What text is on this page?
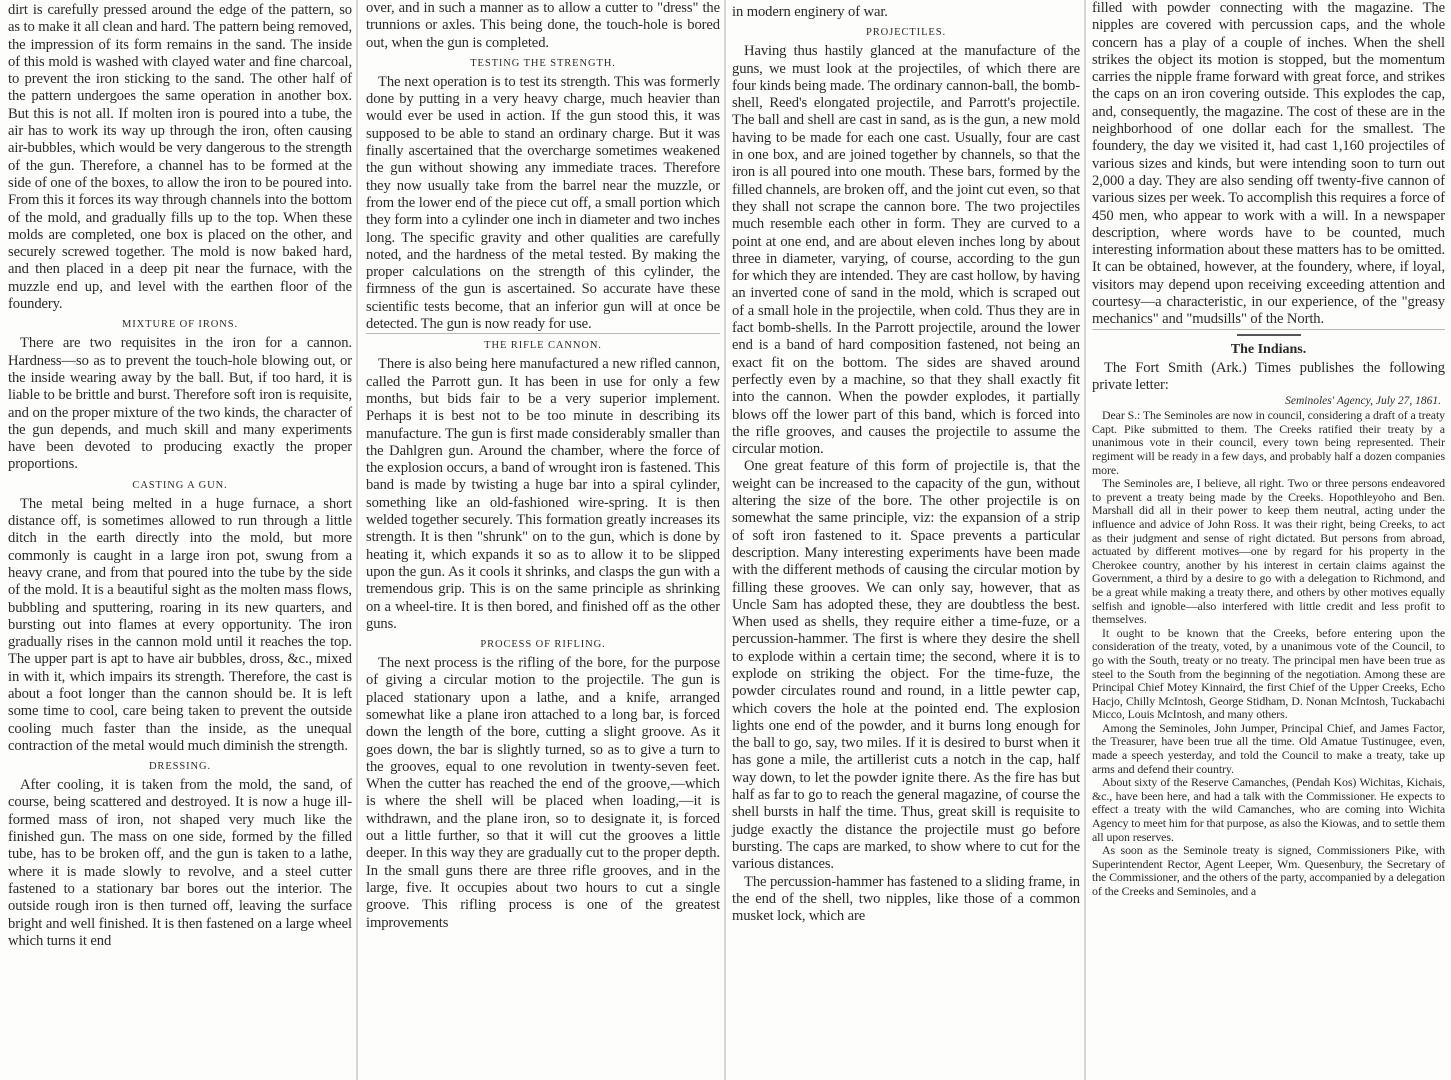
dirt is carefully pressed around the edge of the pattern, so as to make it all clean and hard. The pattern being removed, the impression of its form remains in the sand. The inside of this mold is washed with clayed water and fine charcoal, to prevent the iron sticking to the sand. The other half of the pattern undergoes the same operation in another box. But this is not all. If molten iron is poured into a tube, the air has to work its way up through the iron, often causing air-bubbles, which would be very dangerous to the strength of the gun. Therefore, a channel has to be formed at the side of one of the boxes, to allow the iron to be poured into. From this it forces its way through channels into the bottom of the mold, and gradually fills up to the top. When these molds are completed, one box is placed on the other, and securely screwed together. The mold is now baked hard, and then placed in a deep pit near the furnace, with the muzzle end up, and level with the earthen floor of the foundery.

MIXTURE OF IRONS.

There are two requisites in the iron for a cannon. Hardness—so as to prevent the touch-hole blowing out, or the inside wearing away by the ball. But, if too hard, it is liable to be brittle and burst. Therefore soft iron is requisite, and on the proper mixture of the two kinds, the character of the gun depends, and much skill and many experiments have been devoted to producing exactly the proper proportions.

CASTING A GUN.

The metal being melted in a huge furnace, a short distance off, is sometimes allowed to run through a little ditch in the earth directly into the mold, but more commonly is caught in a large iron pot, swung from a heavy crane, and from that poured into the tube by the side of the mold. It is a beautiful sight as the molten mass flows, bubbling and sputtering, roaring in its new quarters, and bursting out into flames at every opportunity. The iron gradually rises in the cannon mold until it reaches the top. The upper part is apt to have air bubbles, dross, &c., mixed in with it, which impairs its strength. Therefore, the cast is about a foot longer than the cannon should be. It is left some time to cool, care being taken to prevent the outside cooling much faster than the inside, as the unequal contraction of the metal would much diminish the strength.

DRESSING.

After cooling, it is taken from the mold, the sand, of course, being scattered and destroyed. It is now a huge ill-formed mass of iron, not shaped very much like the finished gun. The mass on one side, formed by the filled tube, has to be broken off, and the gun is taken to a lathe, where it is made slowly to revolve, and a steel cutter fastened to a stationary bar bores out the interior. The outside rough iron is then turned off, leaving the surface bright and well finished. It is then fastened on a large wheel which turns it end

over, and in such a manner as to allow a cutter to "dress" the trunnions or axles. This being done, the touch-hole is bored out, when the gun is completed.

TESTING THE STRENGTH.

The next operation is to test its strength. This was formerly done by putting in a very heavy charge, much heavier than would ever be used in action. If the gun stood this, it was supposed to be able to stand an ordinary charge. But it was finally ascertained that the overcharge sometimes weakened the gun without showing any immediate traces. Therefore they now usually take from the barrel near the muzzle, or from the lower end of the piece cut off, a small portion which they form into a cylinder one inch in diameter and two inches long. The specific gravity and other qualities are carefully noted, and the hardness of the metal tested. By making the proper calculations on the strength of this cylinder, the firmness of the gun is ascertained. So accurate have these scientific tests become, that an inferior gun will at once be detected. The gun is now ready for use.

THE RIFLE CANNON.

There is also being here manufactured a new rifled cannon, called the Parrott gun. It has been in use for only a few months, but bids fair to be a very superior implement. Perhaps it is best not to be too minute in describing its manufacture. The gun is first made considerably smaller than the Dahlgren gun. Around the chamber, where the force of the explosion occurs, a band of wrought iron is fastened. This band is made by twisting a huge bar into a spiral cylinder, something like an old-fashioned wire-spring. It is then welded together securely. This formation greatly increases its strength. It is then "shrunk" on to the gun, which is done by heating it, which expands it so as to allow it to be slipped upon the gun. As it cools it shrinks, and clasps the gun with a tremendous grip. This is on the same principle as shrinking on a wheel-tire. It is then bored, and finished off as the other guns.

PROCESS OF RIFLING.

The next process is the rifling of the bore, for the purpose of giving a circular motion to the projectile. The gun is placed stationary upon a lathe, and a knife, arranged somewhat like a plane iron attached to a long bar, is forced down the length of the bore, cutting a slight groove. As it goes down, the bar is slightly turned, so as to give a turn to the grooves, equal to one revolution in twenty-seven feet. When the cutter has reached the end of the groove,—which is where the shell will be placed when loading,—it is withdrawn, and the plane iron, so to designate it, is forced out a little further, so that it will cut the grooves a little deeper. In this way they are gradually cut to the proper depth. In the small guns there are three rifle grooves, and in the large, five. It occupies about two hours to cut a single groove. This rifling process is one of the greatest improvements

in modern enginery of war.

PROJECTILES.

Having thus hastily glanced at the manufacture of the guns, we must look at the projectiles, of which there are four kinds being made. The ordinary cannon-ball, the bomb-shell, Reed's elongated projectile, and Parrott's projectile. The ball and shell are cast in sand, as is the gun, a new mold having to be made for each one cast. Usually, four are cast in one box, and are joined together by channels, so that the iron is all poured into one mouth. These bars, formed by the filled channels, are broken off, and the joint cut even, so that they shall not scrape the cannon bore. The two projectiles much resemble each other in form. They are curved to a point at one end, and are about eleven inches long by about three in diameter, varying, of course, according to the gun for which they are intended. They are cast hollow, by having an inverted cone of sand in the mold, which is scraped out of a small hole in the projectile, when cold. Thus they are in fact bomb-shells. In the Parrott projectile, around the lower end is a band of hard composition fastened, not being an exact fit on the bottom. The sides are shaved around perfectly even by a machine, so that they shall exactly fit into the cannon. When the powder explodes, it partially blows off the lower part of this band, which is forced into the rifle grooves, and causes the projectile to assume the circular motion.

One great feature of this form of projectile is, that the weight can be increased to the capacity of the gun, without altering the size of the bore. The other projectile is on somewhat the same principle, viz: the expansion of a strip of soft iron fastened to it. Space prevents a particular description. Many interesting experiments have been made with the different methods of causing the circular motion by filling these grooves. We can only say, however, that as Uncle Sam has adopted these, they are doubtless the best. When used as shells, they require either a time-fuze, or a percussion-hammer. The first is where they desire the shell to explode within a certain time; the second, where it is to explode on striking the object. For the time-fuze, the powder circulates round and round, in a little pewter cap, which covers the hole at the pointed end. The explosion lights one end of the powder, and it burns long enough for the ball to go, say, two miles. If it is desired to burst when it has gone a mile, the artillerist cuts a notch in the cap, half way down, to let the powder ignite there. As the fire has but half as far to go to reach the general magazine, of course the shell bursts in half the time. Thus, great skill is requisite to judge exactly the distance the projectile must go before bursting. The caps are marked, to show where to cut for the various distances.

The percussion-hammer has fastened to a sliding frame, in the end of the shell, two nipples, like those of a common musket lock, which are

filled with powder connecting with the magazine. The nipples are covered with percussion caps, and the whole concern has a play of a couple of inches. When the shell strikes the object its motion is stopped, but the momentum carries the nipple frame forward with great force, and strikes the caps on an iron covering outside. This explodes the cap, and, consequently, the magazine. The cost of these are in the neighborhood of one dollar each for the smallest. The foundery, the day we visited it, had cast 1,160 projectiles of various sizes and kinds, but were intending soon to turn out 2,000 a day. They are also sending off twenty-five cannon of various sizes per week. To accomplish this requires a force of 450 men, who appear to work with a will. In a newspaper description, where words have to be counted, much interesting information about these matters has to be omitted. It can be obtained, however, at the foundery, where, if loyal, visitors may depend upon receiving exceeding attention and courtesy—a characteristic, in our experience, of the "greasy mechanics" and "mudsills" of the North.

The Indians.

The Fort Smith (Ark.) Times publishes the following private letter:

Seminoles' Agency, July 27, 1861.

Dear S.: The Seminoles are now in council, considering a draft of a treaty Capt. Pike submitted to them. The Creeks ratified their treaty by a unanimous vote in their council, every town being represented. Their regiment will be ready in a few days, and probably half a dozen companies more.

The Seminoles are, I believe, all right. Two or three persons endeavored to prevent a treaty being made by the Creeks. Hopothleyoho and Ben. Marshall did all in their power to keep them neutral, acting under the influence and advice of John Ross. It was their right, being Creeks, to act as their judgment and sense of right dictated. But persons from abroad, actuated by different motives—one by regard for his property in the Cherokee country, another by his interest in certain claims against the Government, a third by a desire to go with a delegation to Richmond, and be a great while making a treaty there, and others by other motives equally selfish and ignoble—also interfered with little credit and less profit to themselves.

It ought to be known that the Creeks, before entering upon the consideration of the treaty, voted, by a unanimous vote of the Council, to go with the South, treaty or no treaty. The principal men have been true as steel to the South from the beginning of the negotiation. Among these are Principal Chief Motey Kinnaird, the first Chief of the Upper Creeks, Echo Hacjo, Chilly McIntosh, George Stidham, D. Nonan McIntosh, Tuckabachi Micco, Louis McIntosh, and many others.

Among the Seminoles, John Jumper, Principal Chief, and James Factor, the Treasurer, have been true all the time. Old Amatue Tustinugee, even, made a speech yesterday, and told the Council to make a treaty, take up arms and defend their country.

About sixty of the Reserve Camanches, (Pendah Kos) Wichitas, Kichais, &c., have been here, and had a talk with the Commissioner. He expects to effect a treaty with the wild Camanches, who are coming into Wichita Agency to meet him for that purpose, as also the Kiowas, and to settle them all upon reserves.

As soon as the Seminole treaty is signed, Commissioners Pike, with Superintendent Rector, Agent Leeper, Wm. Quesenbury, the Secretary of the Commissioner, and the others of the party, accompanied by a delegation of the Creeks and Seminoles, and a
